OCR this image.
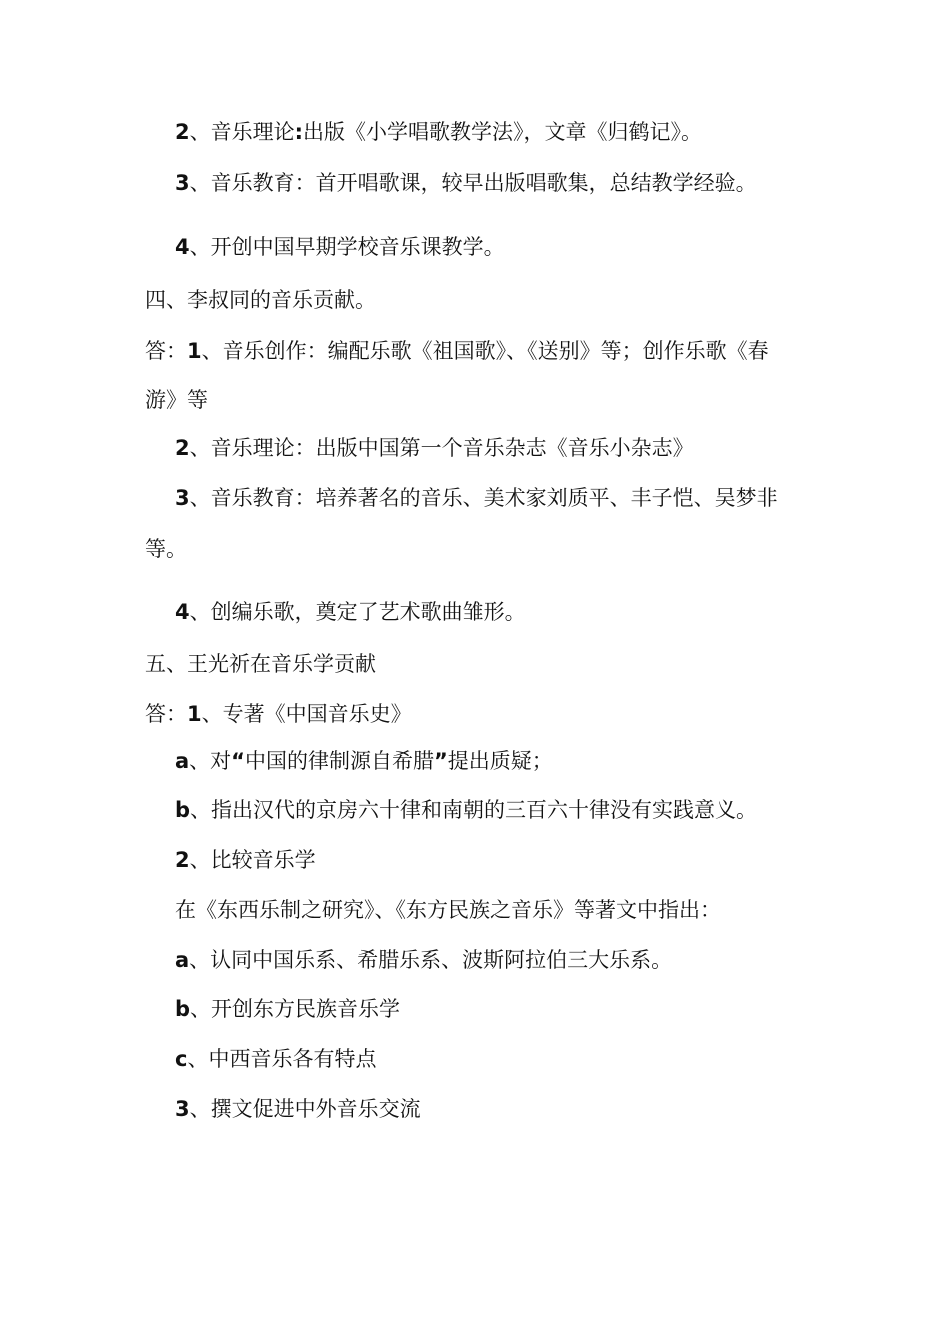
2、音乐理论:出版《小学唱歌教学法》，文章《归鹤记》。
3、音乐教育：首开唱歌课，较早出版唱歌集，总结教学经验。
4、开创中国早期学校音乐课教学。
四、李叔同的音乐贡献。
答：1、音乐创作：编配乐歌《祖国歌》、《送别》等；创作乐歌《春
游》等
2、音乐理论：出版中国第一个音乐杂志《音乐小杂志》
3、音乐教育：培养著名的音乐、美术家刘质平、丰子恺、吴梦非
等。
4、创编乐歌，奠定了艺术歌曲雏形。
五、王光祈在音乐学贡献
答：1、专著《中国音乐史》
a、对“中国的律制源自希腊”提出质疑；
b、指出汉代的京房六十律和南朝的三百六十律没有实践意义。
2、比较音乐学
在《东西乐制之研究》、《东方民族之音乐》等著文中指出：
a、认同中国乐系、希腊乐系、波斯阿拉伯三大乐系。
b、开创东方民族音乐学
c、中西音乐各有特点
3、撰文促进中外音乐交流
